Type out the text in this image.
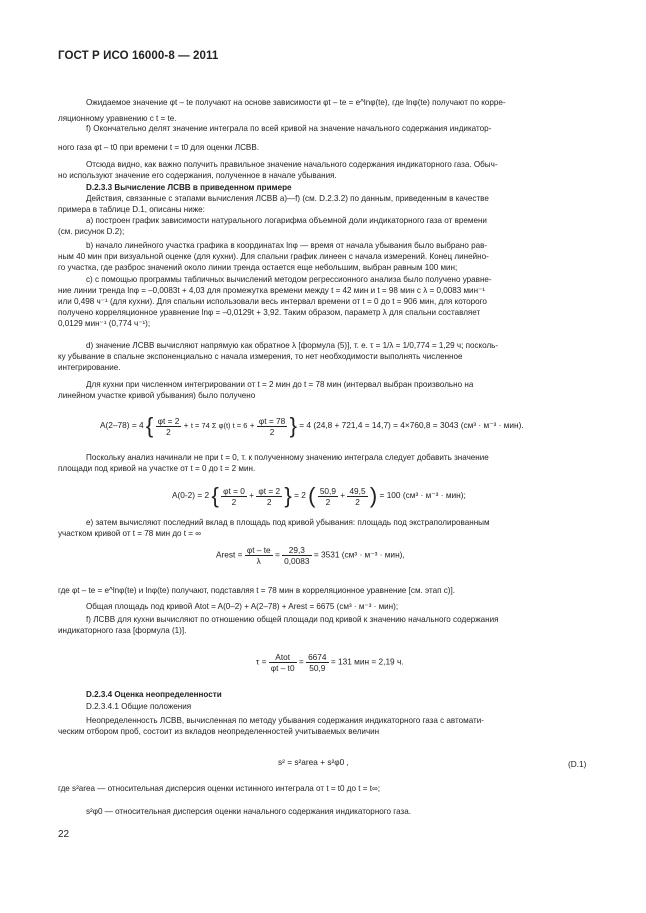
ГОСТ Р ИСО 16000-8 — 2011
Ожидаемое значение φt – te получают на основе зависимости φt – te = e^lnφ(te), где lnφ(te) получают по корре-
ляционному уравнению с t = te.
f) Окончательно делят значение интеграла по всей кривой на значение начального содержания индикатор-
ного газа φt – t0 при времени t = t0 для оценки ЛСВВ.
Отсюда видно, как важно получить правильное значение начального содержания индикаторного газа. Обыч-
но используют значение его содержания, полученное в начале убывания.
D.2.3.3 Вычисление ЛСВВ в приведенном примере
Действия, связанные с этапами вычисления ЛСВВ а)—f) (см. D.2.3.2) по данным, приведенным в качестве
примера в таблице D.1, описаны ниже:
a) построен график зависимости натурального логарифма объемной доли индикаторного газа от времени
(см. рисунок D.2);
b) начало линейного участка графика в координатах lnφ — время от начала убывания было выбрано рав-
ным 40 мин при визуальной оценке (для кухни). Для спальни график линеен с начала измерений. Конец линейно-
го участка, где разброс значений около линии тренда остается еще небольшим, выбран равным 100 мин;
c) с помощью программы табличных вычислений методом регрессионного анализа было получено уравне-
ние линии тренда lnφ = –0,0083t + 4,03 для промежутка времени между t = 42 мин и t = 98 мин с λ = 0,0083 мин⁻¹
или 0,498 ч⁻¹ (для кухни). Для спальни использовали весь интервал времени от t = 0 до t = 906 мин, для которого
получено корреляционное уравнение lnφ = –0,0129t + 3,92. Таким образом, параметр λ для спальни составляет
0,0129 мин⁻¹ (0,774 ч⁻¹);
d) значение ЛСВВ вычисляют напрямую как обратное λ [формула (5)], т. е. τ = 1/λ = 1/0,774 = 1,29 ч; посколь-
ку убывание в спальне экспоненциально с начала измерения, то нет необходимости выполнять численное
интегрирование.
Для кухни при численном интегрировании от t = 2 мин до t = 78 мин (интервал выбран произвольно на
линейном участке кривой убывания) было получено
Поскольку анализ начинали не при t = 0, т. к полученному значению интеграла следует добавить значение
площади под кривой на участке от t = 0 до t = 2 мин.
e) затем вычисляют последний вклад в площадь под кривой убывания: площадь под экстраполированным
участком кривой от t = 78 мин до t = ∞
где φt – te = e^lnφ(te) и lnφ(te) получают, подставляя t = 78 мин в корреляционное уравнение [см. этап с)].
Общая площадь под кривой Atot = A(0–2) + A(2–78) + Arest = 6675 (см³ · м⁻³ · мин);
f) ЛСВВ для кухни вычисляют по отношению общей площади под кривой к значению начального содержания
индикаторного газа [формула (1)].
D.2.3.4 Оценка неопределенности
D.2.3.4.1 Общие положения
Неопределенность ЛСВВ, вычисленная по методу убывания содержания индикаторного газа с автомати-
ческим отбором проб, состоит из вкладов неопределенностей учитываемых величин
где s²area — относительная дисперсия оценки истинного интеграла от t = t0 до t = t∞;
s²φ0 — относительная дисперсия оценки начального содержания индикаторного газа.
A(2–78) = 4 { $\frac{\varphi t = 2}{2} + t = 74$ Σ φ(t) $t = 6 + \frac{\varphi t = 78}{2}$ } = 4 (24,8 + 721,4 = 14,7) = 4×760,8 = 3043 (см³ · м⁻³ · мин).
A(0-2) = 2 { $\frac{\varphi t = 0}{2} + \frac{\varphi t = 2}{2}$ } = 2 ( $\frac{50,9}{2} + \frac{49,5}{2}$ ) = 100 (см³ · м⁻³ · мин);
Arest = $\frac{\varphi t - te}{\lambda} = \frac{29,3}{0,0083} = 3531$ (см³ · м⁻³ · мин),
$\tau = \frac{\text{Atot}}{\varphi t - t0} = \frac{6674}{50,9} = 131$ мин = 2,19 ч.
s² = s²area + s²φ0 ,	(D.1)
22
